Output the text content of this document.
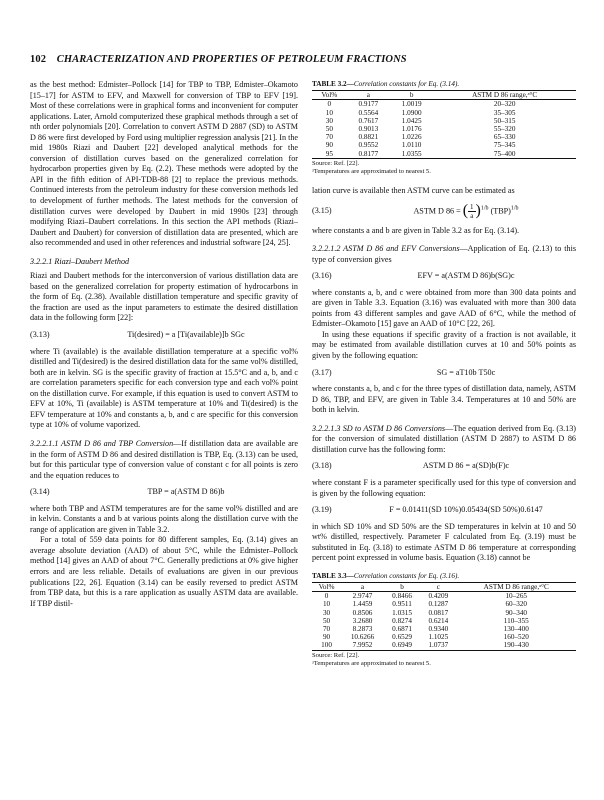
102 CHARACTERIZATION AND PROPERTIES OF PETROLEUM FRACTIONS

as the best method: Edmister–Pollock [14] for TBP to TBP, Edmister–Okamoto [15–17] for ASTM to EFV, and Maxwell for conversion of TBP to EFV [19]. Most of these correlations were in graphical forms and inconvenient for computer applications. Later, Arnold computerized these graphical methods through a set of nth order polynomials [20]. Correlation to convert ASTM D 2887 (SD) to ASTM D 86 were first developed by Ford using multiplier regression analysis [21]. In the mid 1980s Riazi and Daubert [22] developed analytical methods for the conversion of distillation curves based on the generalized correlation for hydrocarbon properties given by Eq. (2.2). These methods were adopted by the API in the fifth edition of API-TDB-88 [2] to replace the previous methods. Continued interests from the petroleum industry for these conversion methods led to development of further methods. The latest methods for the conversion of distillation curves were developed by Daubert in mid 1990s [23] through modifying Riazi–Daubert correlations. In this section the API methods (Riazi–Daubert and Daubert) for conversion of distillation data are presented, which are also recommended and used in other references and industrial software [24, 25].

3.2.2.1 Riazi–Daubert Method

Riazi and Daubert methods for the interconversion of various distillation data are based on the generalized correlation for property estimation of hydrocarbons in the form of Eq. (2.38). Available distillation temperature and specific gravity of the fraction are used as the input parameters to estimate the desired distillation data in the following form [22]:

(3.13)	Ti(desired) = a [Ti(available)]b SGc

where Ti (available) is the available distillation temperature at a specific vol% distilled and Ti(desired) is the desired distillation data for the same vol% distilled, both are in kelvin. SG is the specific gravity of fraction at 15.5°C and a, b, and c are correlation parameters specific for each conversion type and each vol% point on the distillation curve. For example, if this equation is used to convert ASTM to EFV at 10%, Ti (available) is ASTM temperature at 10% and Ti(desired) is the EFV temperature at 10% and constants a, b, and c are specific for this conversion type at 10% of volume vaporized.

3.2.2.1.1 ASTM D 86 and TBP Conversion—If distillation data are available are in the form of ASTM D 86 and desired distillation is TBP, Eq. (3.13) can be used, but for this particular type of conversion value of constant c for all points is zero and the equation reduces to

(3.14)	TBP = a(ASTM D 86)b

where both TBP and ASTM temperatures are for the same vol% distilled and are in kelvin. Constants a and b at various points along the distillation curve with the range of application are given in Table 3.2.

For a total of 559 data points for 80 different samples, Eq. (3.14) gives an average absolute deviation (AAD) of about 5°C, while the Edmister–Pollock method [14] gives an AAD of about 7°C. Generally predictions at 0% give higher errors and are less reliable. Details of evaluations are given in our previous publications [22, 26]. Equation (3.14) can be easily reversed to predict ASTM from TBP data, but this is a rare application as usually ASTM data are available. If TBP distil-

TABLE 3.2—Correlation constants for Eq. (3.14).
Vol%	a	b	ASTM D 86 range,ᵃ°C
0	0.9177	1.0019	20–320
10	0.5564	1.0900	35–305
30	0.7617	1.0425	50–315
50	0.9013	1.0176	55–320
70	0.8821	1.0226	65–330
90	0.9552	1.0110	75–345
95	0.8177	1.0355	75–400
Source: Ref. [22].
ᵃTemperatures are approximated to nearest 5.

lation curve is available then ASTM curve can be estimated as

(3.15)	ASTM D 86 = ( $\frac{1}{a} )^{1/b}$ (TBP)$^{1/b}$

where constants a and b are given in Table 3.2 as for Eq. (3.14).

3.2.2.1.2 ASTM D 86 and EFV Conversions—Application of Eq. (2.13) to this type of conversion gives

(3.16)	EFV = a(ASTM D 86)b(SG)c

where constants a, b, and c were obtained from more than 300 data points and are given in Table 3.3. Equation (3.16) was evaluated with more than 300 data points from 43 different samples and gave AAD of 6°C, while the method of Edmister–Okamoto [15] gave an AAD of 10°C [22, 26].

In using these equations if specific gravity of a fraction is not available, it may be estimated from available distillation curves at 10 and 50% points as given by the following equation:

(3.17)	SG = aT10b T50c

where constants a, b, and c for the three types of distillation data, namely, ASTM D 86, TBP, and EFV, are given in Table 3.4. Temperatures at 10 and 50% are both in kelvin.

3.2.2.1.3 SD to ASTM D 86 Conversions—The equation derived from Eq. (3.13) for the conversion of simulated distillation (ASTM D 2887) to ASTM D 86 distillation curve has the following form:

(3.18)	ASTM D 86 = a(SD)b(F)c

where constant F is a parameter specifically used for this type of conversion and is given by the following equation:

(3.19)	F = 0.01411(SD 10%)0.05434(SD 50%)0.6147

in which SD 10% and SD 50% are the SD temperatures in kelvin at 10 and 50 wt% distilled, respectively. Parameter F calculated from Eq. (3.19) must be substituted in Eq. (3.18) to estimate ASTM D 86 temperature at corresponding percent point expressed in volume basis. Equation (3.18) cannot be

TABLE 3.3—Correlation constants for Eq. (3.16).
Vol%	a	b	c	ASTM D 86 range,ᵃ°C
0	2.9747	0.8466	0.4209	10–265
10	1.4459	0.9511	0.1287	60–320
30	0.8506	1.0315	0.0817	90–340
50	3.2680	0.8274	0.6214	110–355
70	8.2873	0.6871	0.9340	130–400
90	10.6266	0.6529	1.1025	160–520
100	7.9952	0.6949	1.0737	190–430
Source: Ref. [22].
ᵃTemperatures are approximated to nearest 5.
